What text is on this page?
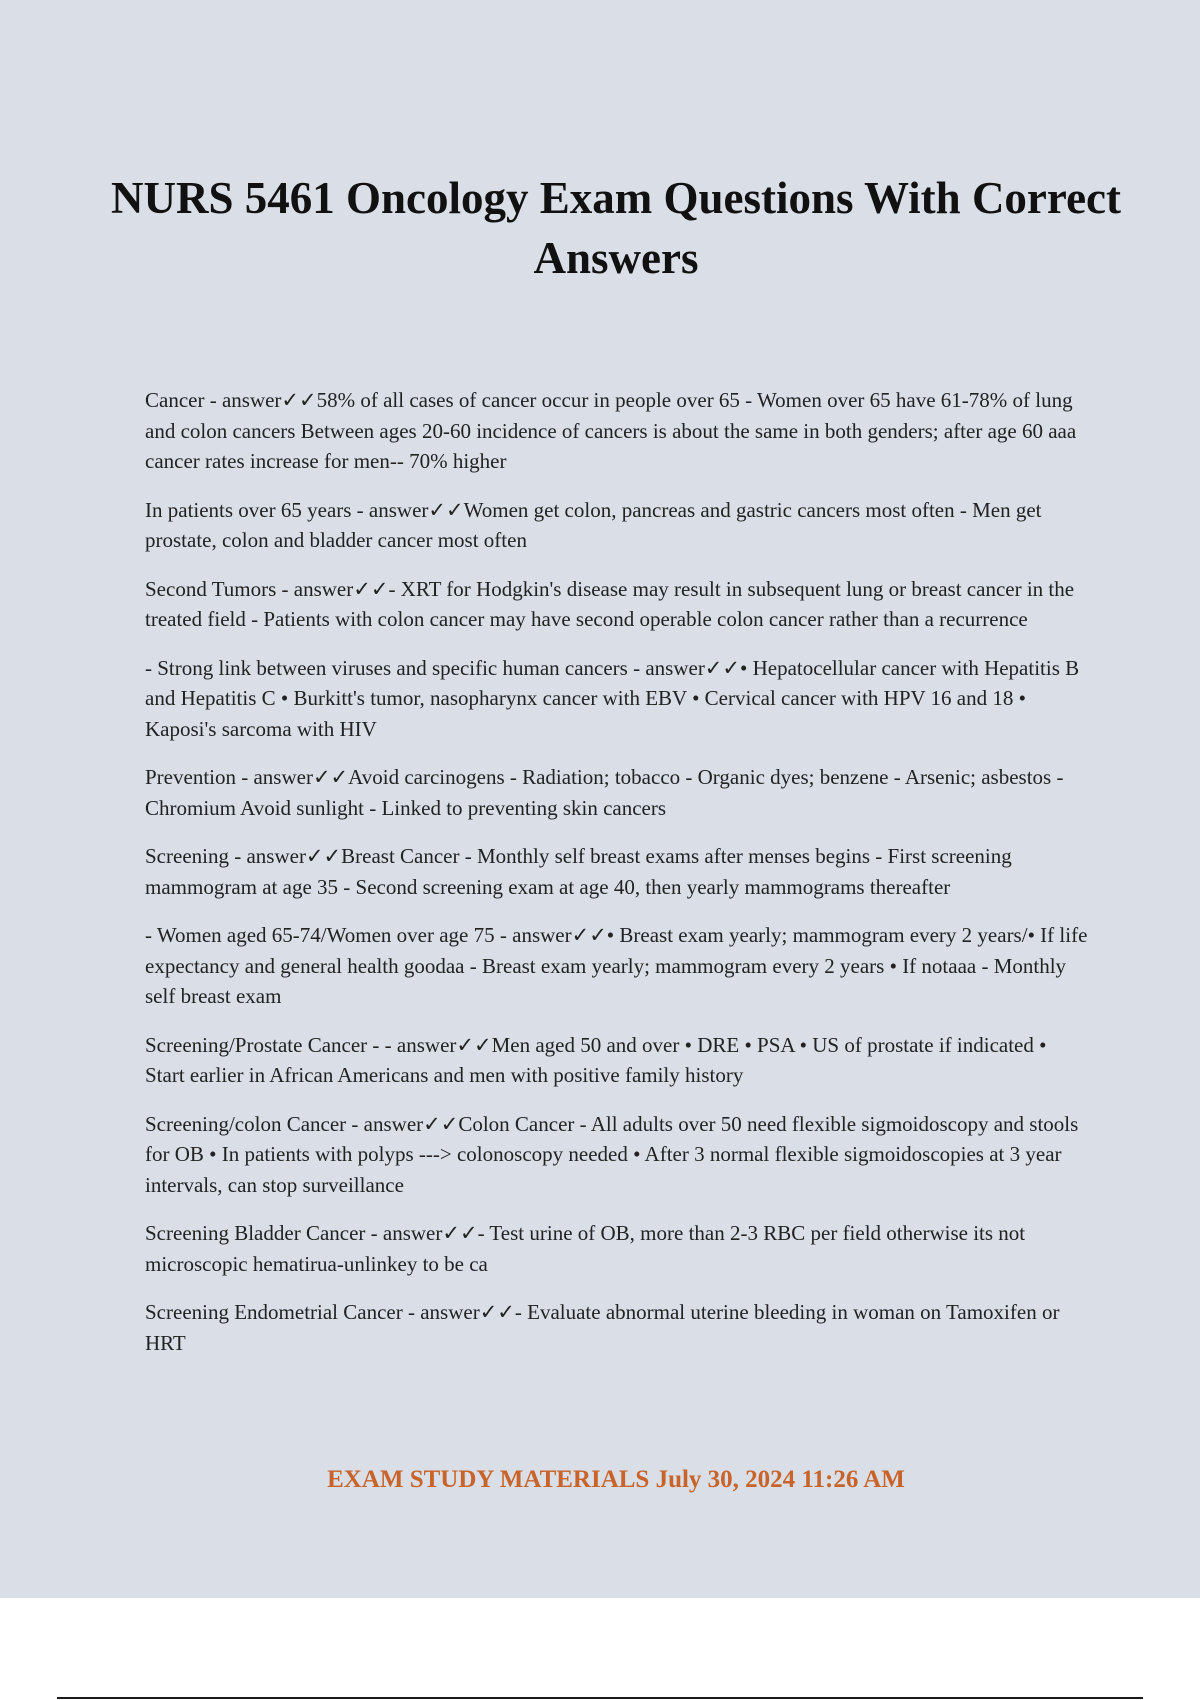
NURS 5461 Oncology Exam Questions With Correct Answers

Cancer - answer✓✓58% of all cases of cancer occur in people over 65 - Women over 65 have 61-78% of lung and colon cancers Between ages 20-60 incidence of cancers is about the same in both genders; after age 60 aaa cancer rates increase for men-- 70% higher

In patients over 65 years - answer✓✓Women get colon, pancreas and gastric cancers most often - Men get prostate, colon and bladder cancer most often

Second Tumors - answer✓✓- XRT for Hodgkin's disease may result in subsequent lung or breast cancer in the treated field - Patients with colon cancer may have second operable colon cancer rather than a recurrence

- Strong link between viruses and specific human cancers - answer✓✓• Hepatocellular cancer with Hepatitis B and Hepatitis C • Burkitt's tumor, nasopharynx cancer with EBV • Cervical cancer with HPV 16 and 18 • Kaposi's sarcoma with HIV

Prevention - answer✓✓Avoid carcinogens - Radiation; tobacco - Organic dyes; benzene - Arsenic; asbestos - Chromium Avoid sunlight - Linked to preventing skin cancers

Screening - answer✓✓Breast Cancer - Monthly self breast exams after menses begins - First screening mammogram at age 35 - Second screening exam at age 40, then yearly mammograms thereafter

- Women aged 65-74/Women over age 75 - answer✓✓• Breast exam yearly; mammogram every 2 years/• If life expectancy and general health goodaa - Breast exam yearly; mammogram every 2 years • If notaaa - Monthly self breast exam

Screening/Prostate Cancer - - answer✓✓Men aged 50 and over • DRE • PSA • US of prostate if indicated • Start earlier in African Americans and men with positive family history

Screening/colon Cancer - answer✓✓Colon Cancer - All adults over 50 need flexible sigmoidoscopy and stools for OB • In patients with polyps ---> colonoscopy needed • After 3 normal flexible sigmoidoscopies at 3 year intervals, can stop surveillance

Screening Bladder Cancer - answer✓✓- Test urine of OB, more than 2-3 RBC per field otherwise its not microscopic hematirua-unlinkey to be ca

Screening Endometrial Cancer - answer✓✓- Evaluate abnormal uterine bleeding in woman on Tamoxifen or HRT

EXAM STUDY MATERIALS July 30, 2024 11:26 AM
